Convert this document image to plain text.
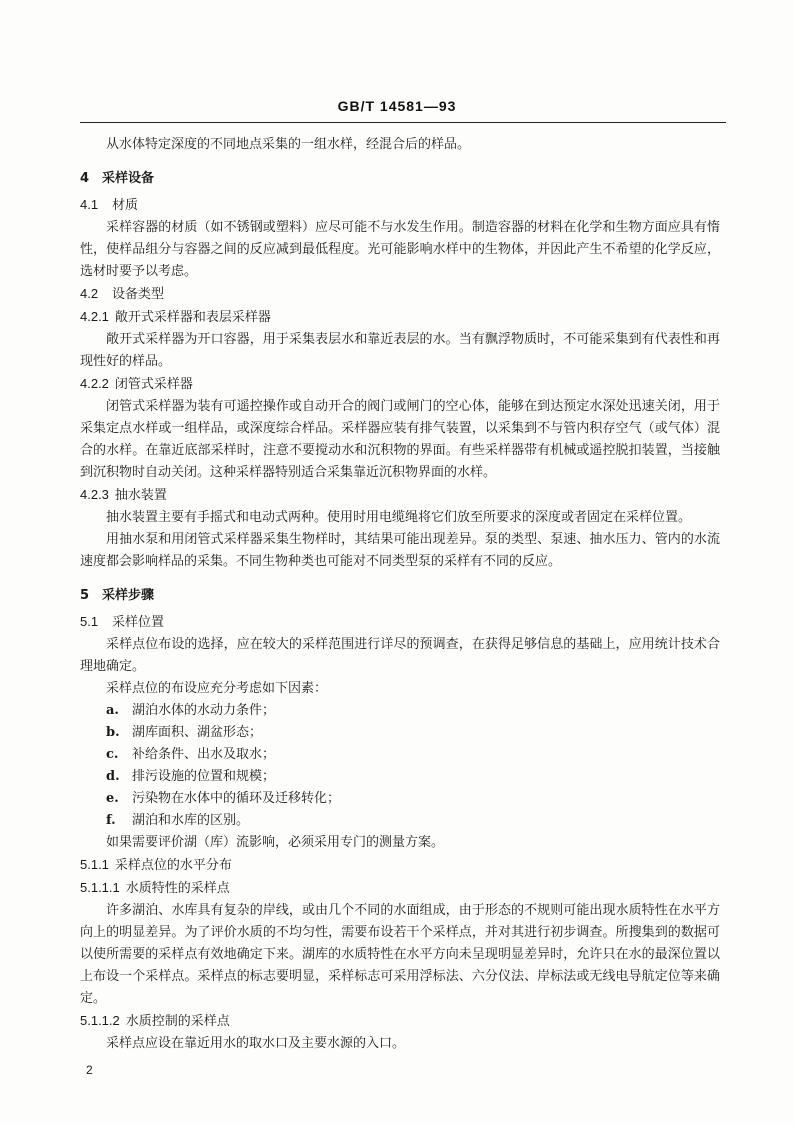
GB/T 14581—93

从水体特定深度的不同地点采集的一组水样，经混合后的样品。

4　采样设备
4.1 材质

采样容器的材质（如不锈钢或塑料）应尽可能不与水发生作用。制造容器的材料在化学和生物方面应具有惰性，使样品组分与容器之间的反应减到最低程度。光可能影响水样中的生物体，并因此产生不希望的化学反应，选材时要予以考虑。

4.2 设备类型
4.2.1 敞开式采样器和表层采样器

敞开式采样器为开口容器，用于采集表层水和靠近表层的水。当有飘浮物质时，不可能采集到有代表性和再现性好的样品。

4.2.2 闭管式采样器

闭管式采样器为装有可遥控操作或自动开合的阀门或闸门的空心体，能够在到达预定水深处迅速关闭，用于采集定点水样或一组样品，或深度综合样品。采样器应装有排气装置，以采集到不与管内积存空气（或气体）混合的水样。在靠近底部采样时，注意不要搅动水和沉积物的界面。有些采样器带有机械或遥控脱扣装置，当接触到沉积物时自动关闭。这种采样器特别适合采集靠近沉积物界面的水样。

4.2.3 抽水装置

抽水装置主要有手摇式和电动式两种。使用时用电缆绳将它们放至所要求的深度或者固定在采样位置。

用抽水泵和用闭管式采样器采集生物样时，其结果可能出现差异。泵的类型、泵速、抽水压力、管内的水流速度都会影响样品的采集。不同生物种类也可能对不同类型泵的采样有不同的反应。

5　采样步骤
5.1 采样位置

采样点位布设的选择，应在较大的采样范围进行详尽的预调查，在获得足够信息的基础上，应用统计技术合理地确定。

采样点位的布设应充分考虑如下因素：

a. 湖泊水体的水动力条件；
b. 湖库面积、湖盆形态；
c. 补给条件、出水及取水；
d. 排污设施的位置和规模；
e. 污染物在水体中的循环及迁移转化；
f. 湖泊和水库的区别。

如果需要评价湖（库）流影响，必须采用专门的测量方案。

5.1.1 采样点位的水平分布
5.1.1.1 水质特性的采样点

许多湖泊、水库具有复杂的岸线，或由几个不同的水面组成，由于形态的不规则可能出现水质特性在水平方向上的明显差异。为了评价水质的不均匀性，需要布设若干个采样点，并对其进行初步调查。所搜集到的数据可以使所需要的采样点有效地确定下来。湖库的水质特性在水平方向未呈现明显差异时，允许只在水的最深位置以上布设一个采样点。采样点的标志要明显，采样标志可采用浮标法、六分仪法、岸标法或无线电导航定位等来确定。

5.1.1.2 水质控制的采样点

采样点应设在靠近用水的取水口及主要水源的入口。

2
